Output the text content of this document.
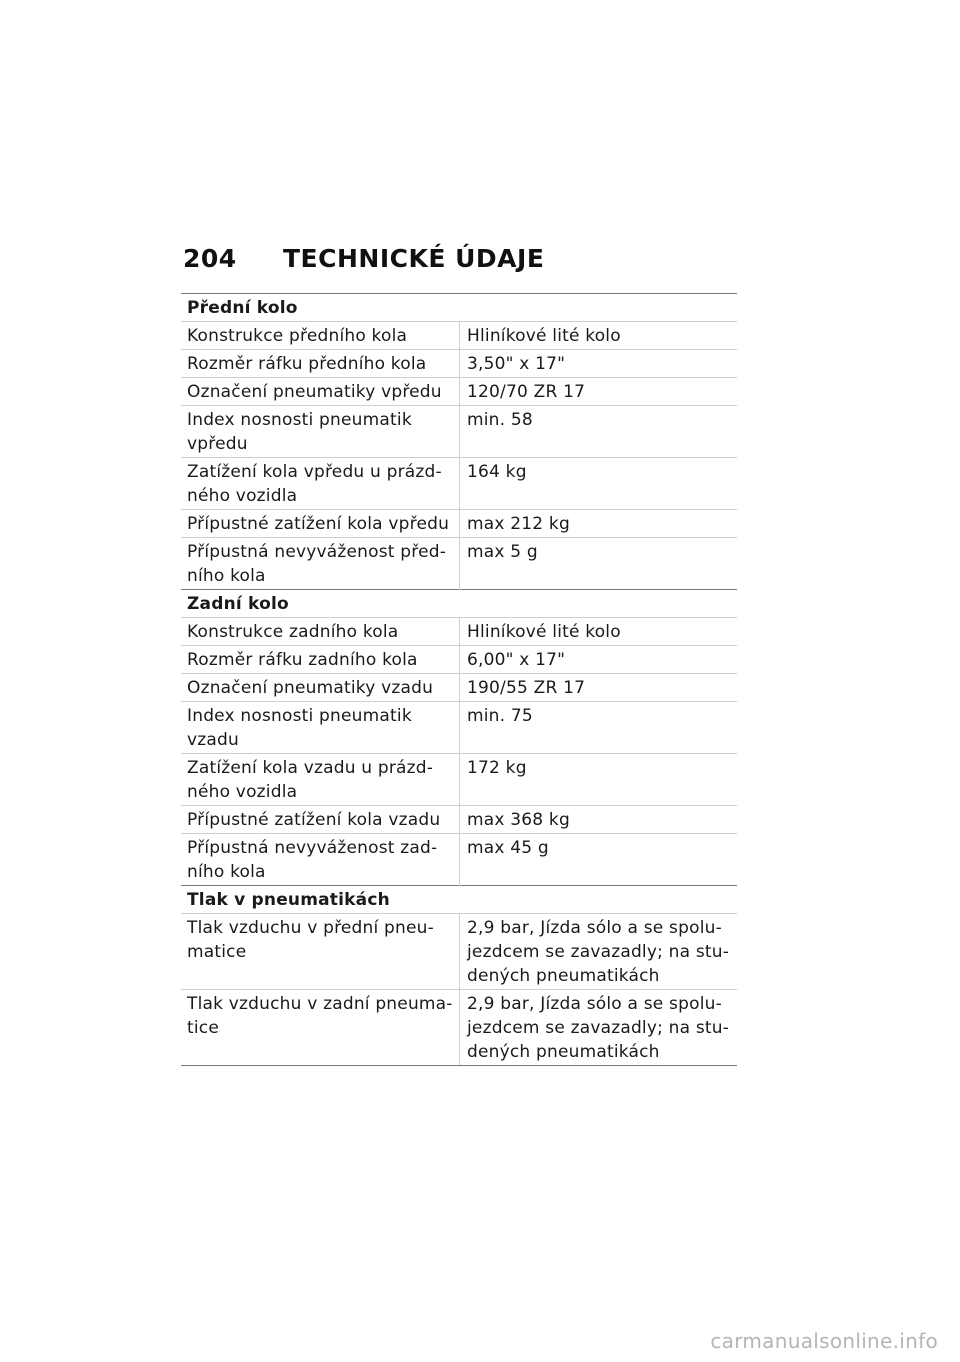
204	TECHNICKÉ ÚDAJE
Přední kolo	
Konstrukce předního kola	Hliníkové lité kolo
Rozměr ráfku předního kola	3,50" x 17"
Označení pneumatiky vpředu	120/70 ZR 17
Index nosnosti pneumatik vpředu	min. 58
Zatížení kola vpředu u prázd-ného vozidla	164 kg
Přípustné zatížení kola vpředu	max 212 kg
Přípustná nevyváženost před-ního kola	max 5 g
Zadní kolo	
Konstrukce zadního kola	Hliníkové lité kolo
Rozměr ráfku zadního kola	6,00" x 17"
Označení pneumatiky vzadu	190/55 ZR 17
Index nosnosti pneumatik vzadu	min. 75
Zatížení kola vzadu u prázd-ného vozidla	172 kg
Přípustné zatížení kola vzadu	max 368 kg
Přípustná nevyváženost zad-ního kola	max 45 g
Tlak v pneumatikách	
Tlak vzduchu v přední pneu-matice	2,9 bar, Jízda sólo a se spolu-jezdcem se zavazadly; na stu-dených pneumatikách
Tlak vzduchu v zadní pneuma-tice	2,9 bar, Jízda sólo a se spolu-jezdcem se zavazadly; na stu-dených pneumatikách
carmanualsonline.info
